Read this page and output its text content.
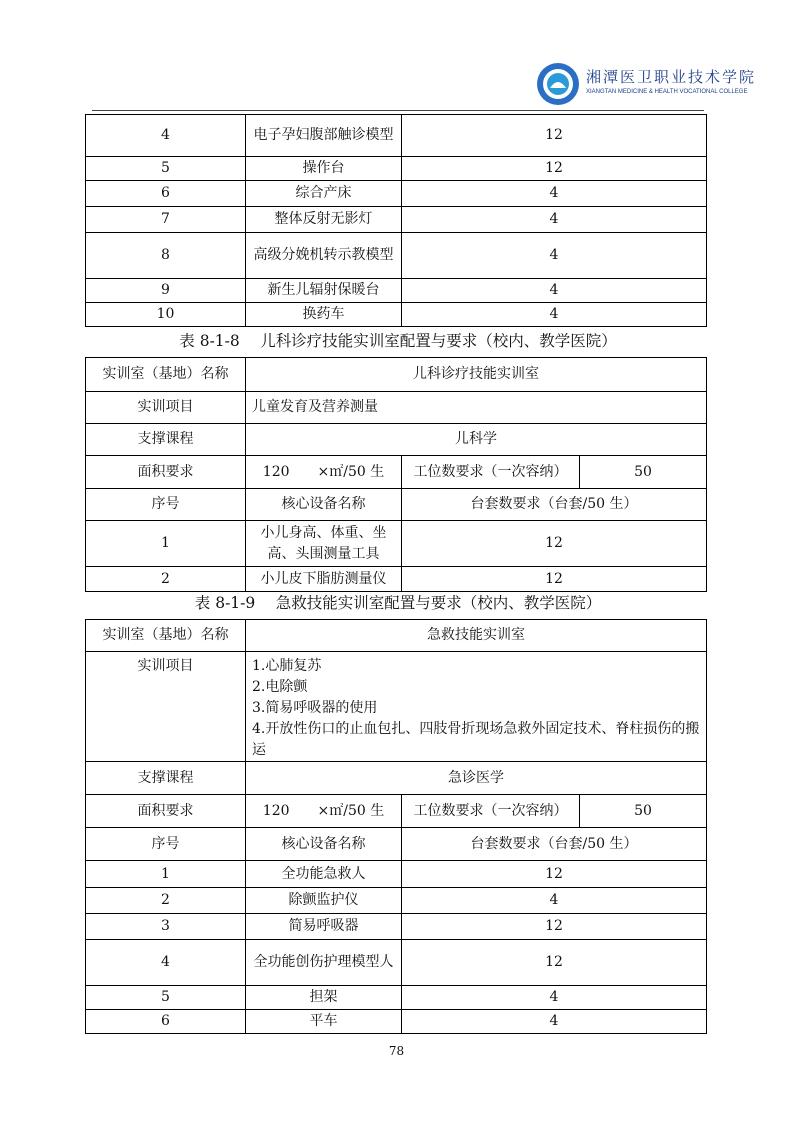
湘潭医卫职业技术学院
XIANGTAN MEDICINE & HEALTH VOCATIONAL COLLEGE
4	电子孕妇腹部触诊模型	12
5	操作台	12
6	综合产床	4
7	整体反射无影灯	4
8	高级分娩机转示教模型	4
9	新生儿辐射保暖台	4
10	换药车	4
表 8-1-8　 儿科诊疗技能实训室配置与要求（校内、教学医院）
实训室（基地）名称	儿科诊疗技能实训室		
实训项目	儿童发育及营养测量		
支撑课程	儿科学		
面积要求	120　　×㎡/50 生	工位数要求（一次容纳）	50
序号	核心设备名称	台套数要求（台套/50 生）	
1	小儿身高、体重、坐高、头围测量工具	12	
2	小儿皮下脂肪测量仪	12	
表 8-1-9　 急救技能实训室配置与要求（校内、教学医院）
实训室（基地）名称	急救技能实训室		
实训项目	1.心肺复苏
2.电除颤
3.简易呼吸器的使用
4.开放性伤口的止血包扎、四肢骨折现场急救外固定技术、脊柱损伤的搬运		

支撑课程	急诊医学		
面积要求	120　　×㎡/50 生	工位数要求（一次容纳）	50
序号	核心设备名称	台套数要求（台套/50 生）	
1	全功能急救人	12	
2	除颤监护仪	4	
3	简易呼吸器	12	
4	全功能创伤护理模型人	12	
5	担架	4	
6	平车	4	
78
